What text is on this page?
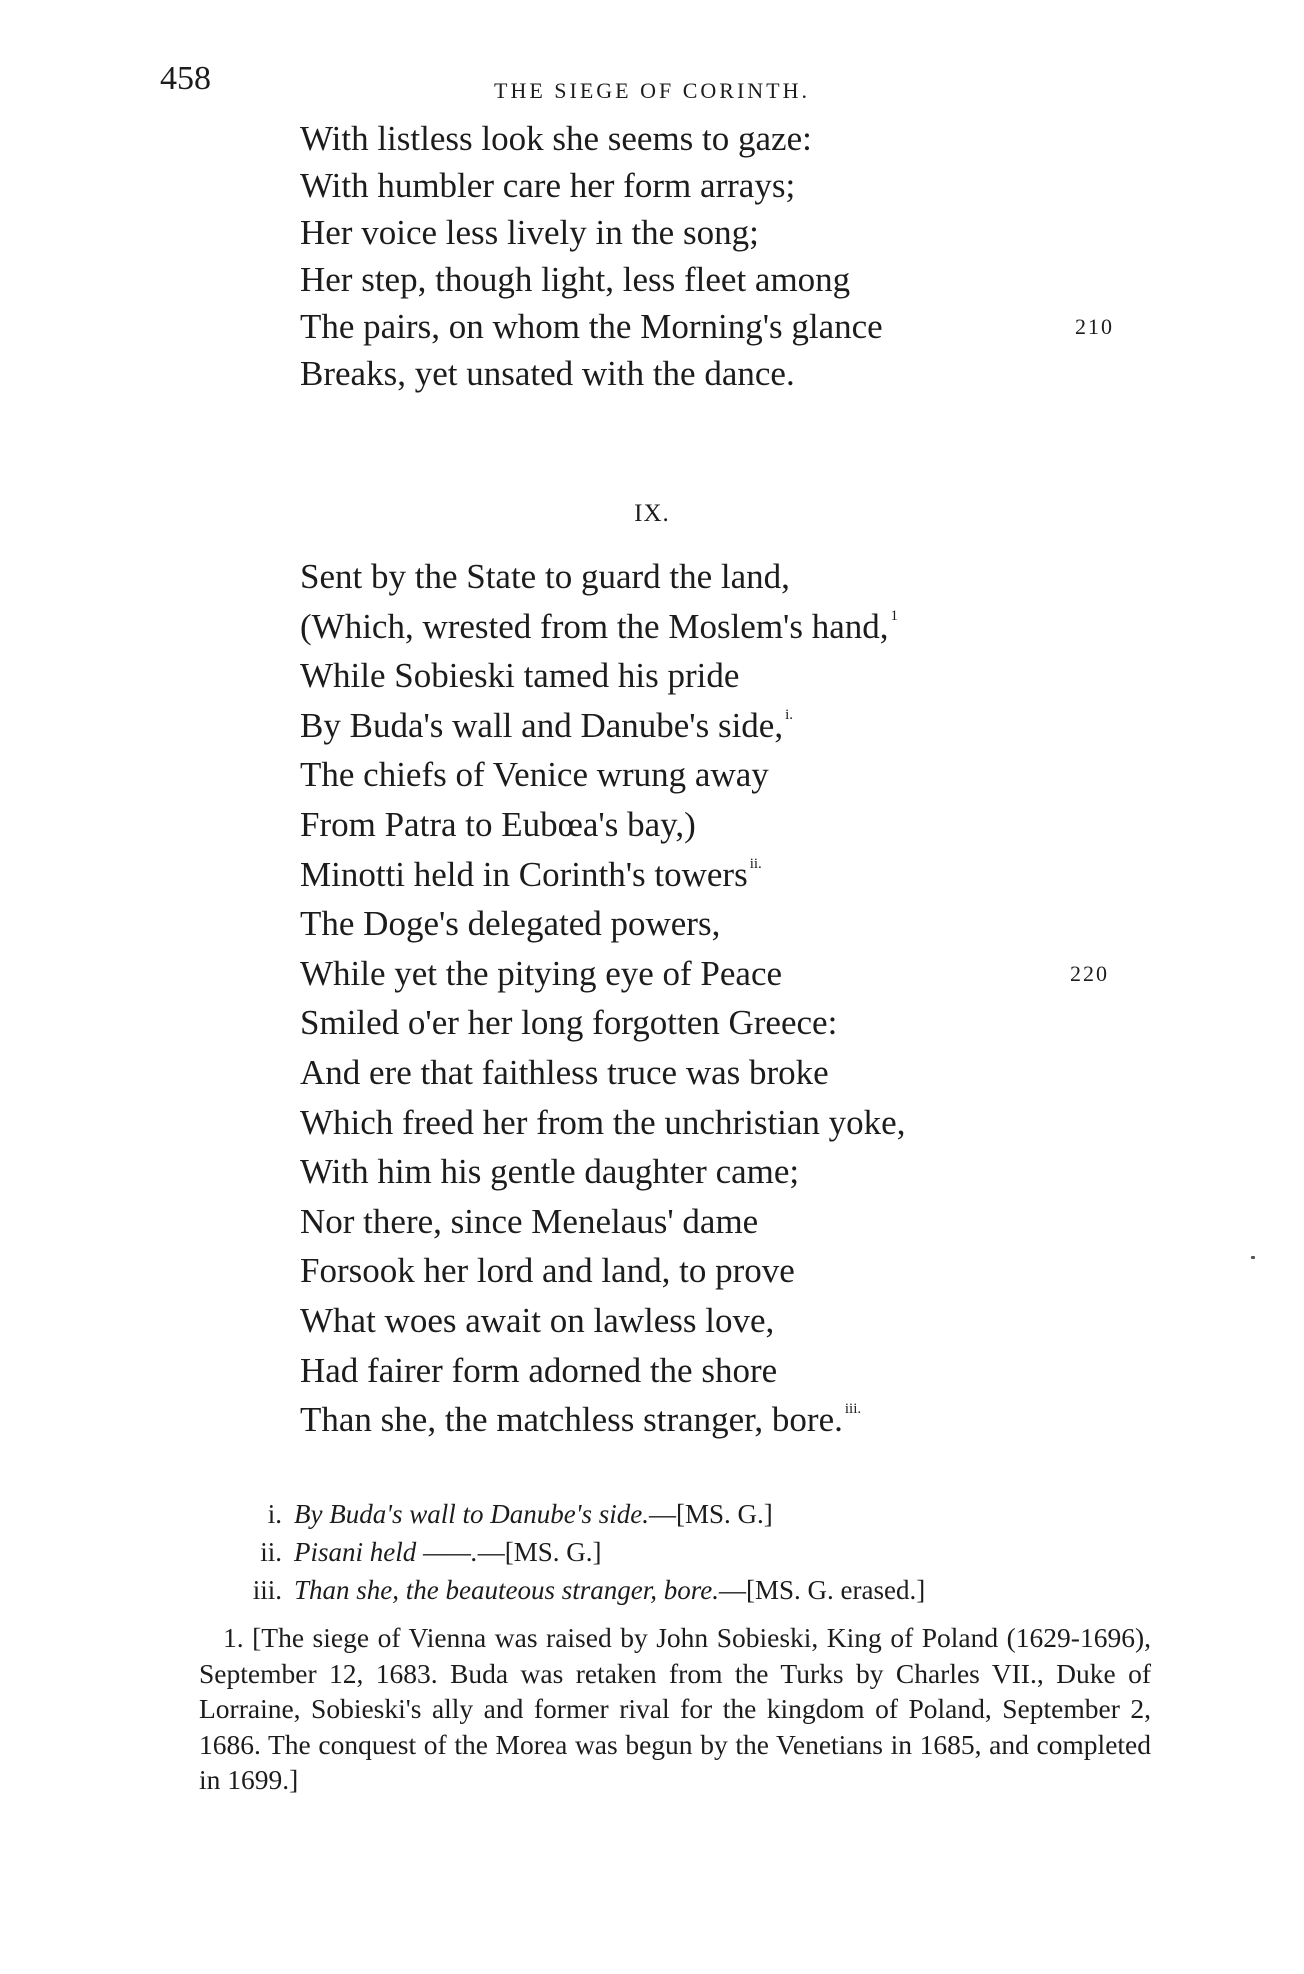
458	THE SIEGE OF CORINTH.
With listless look she seems to gaze:
With humbler care her form arrays;
Her voice less lively in the song;
Her step, though light, less fleet among
The pairs, on whom the Morning's glance	210
Breaks, yet unsated with the dance.
IX.
Sent by the State to guard the land,
(Which, wrested from the Moslem's hand, $^1$
While Sobieski tamed his pride
By Buda's wall and Danube's side, $^{i.}$
The chiefs of Venice wrung away
From Patra to Eubœa's bay,)
Minotti held in Corinth's towers $^{ii.}$
The Doge's delegated powers,
While yet the pitying eye of Peace	220
Smiled o'er her long forgotten Greece:
And ere that faithless truce was broke
Which freed her from the unchristian yoke,
With him his gentle daughter came;
Nor there, since Menelaus' dame
Forsook her lord and land, to prove
What woes await on lawless love,
Had fairer form adorned the shore
Than she, the matchless stranger, bore. $^{iii.}$
i. By Buda's wall to Danube's side.—[MS. G.]
ii. Pisani held ——.—[MS. G.]
iii. Than she, the beauteous stranger, bore.—[MS. G. erased.]

1. [The siege of Vienna was raised by John Sobieski, King of Poland (1629-1696), September 12, 1683. Buda was retaken from the Turks by Charles VII., Duke of Lorraine, Sobieski's ally and former rival for the kingdom of Poland, September 2, 1686. The conquest of the Morea was begun by the Venetians in 1685, and completed in 1699.]
